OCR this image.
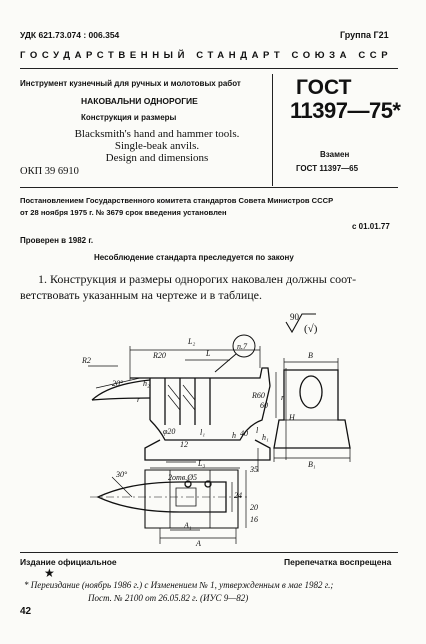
УДК 621.73.074 : 006.354	Группа Г21
ГОСУДАРСТВЕННЫЙ СТАНДАРТ СОЮЗА ССР
Инструмент кузнечный для ручных и молотовых работ
НАКОВАЛЬНИ ОДНОРОГИЕ
Конструкция и размеры
Blacksmith's hand and hammer tools.
Single-beak anvils.
Design and dimensions
ОКП 39 6910
ГОСТ
11397—75*
Взамен
ГОСТ 11397—65
Постановлением Государственного комитета стандартов Совета Министров СССР
от 28 ноября 1975 г. № 3679 срок введения установлен
с 01.01.77
Проверен в 1982 г.
Несоблюдение стандарта преследуется по закону
1. Конструкция и размеры однорогих наковален должны соот-
ветствовать указанным на чертеже и в таблице.
90
(√)
п.7
L₂
L
R20
R2
20°
r
h₂
R60
60
H
h₁
r
φ20	l₁
12
L₃
h 40 l
B
B₁
30°	2отв.Ø5
35
24
20
16
A₁
A
Издание официальное	Перепечатка воспрещена
★
* Переиздание (ноябрь 1986 г.) с Изменением № 1, утвержденным в мае 1982 г.;
Пост. № 2100 от 26.05.82 г. (ИУС 9—82)
42
